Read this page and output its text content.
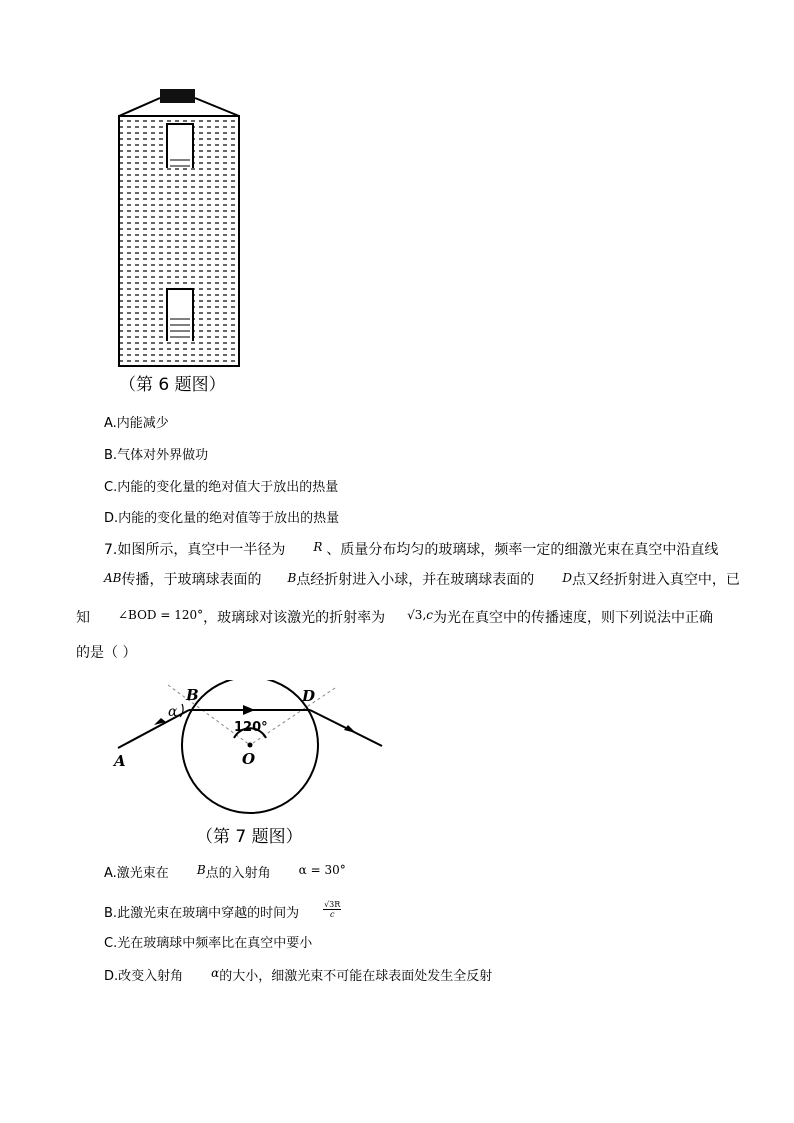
（第 6 题图）
A.内能减少
B.气体对外界做功
C.内能的变化量的绝对值大于放出的热量
D.内能的变化量的绝对值等于放出的热量
7.如图所示，真空中一半径为 R 、质量分布均匀的玻璃球，频率一定的细激光束在真空中沿直线
AB传播，于玻璃球表面的 B点经折射进入小球，并在玻璃球表面的 D点又经折射进入真空中，已
知 ∠BOD = 120°，玻璃球对该激光的折射率为 √3,c为光在真空中的传播速度，则下列说法中正确
的是（ ）
B	D
A	O
α
120°
（第 7 题图）
A.激光束在 B点的入射角 α = 30°
B.此激光束在玻璃中穿越的时间为	$\frac{√3R}{c}$
C.光在玻璃球中频率比在真空中要小
D.改变入射角 α的大小，细激光束不可能在球表面处发生全反射
